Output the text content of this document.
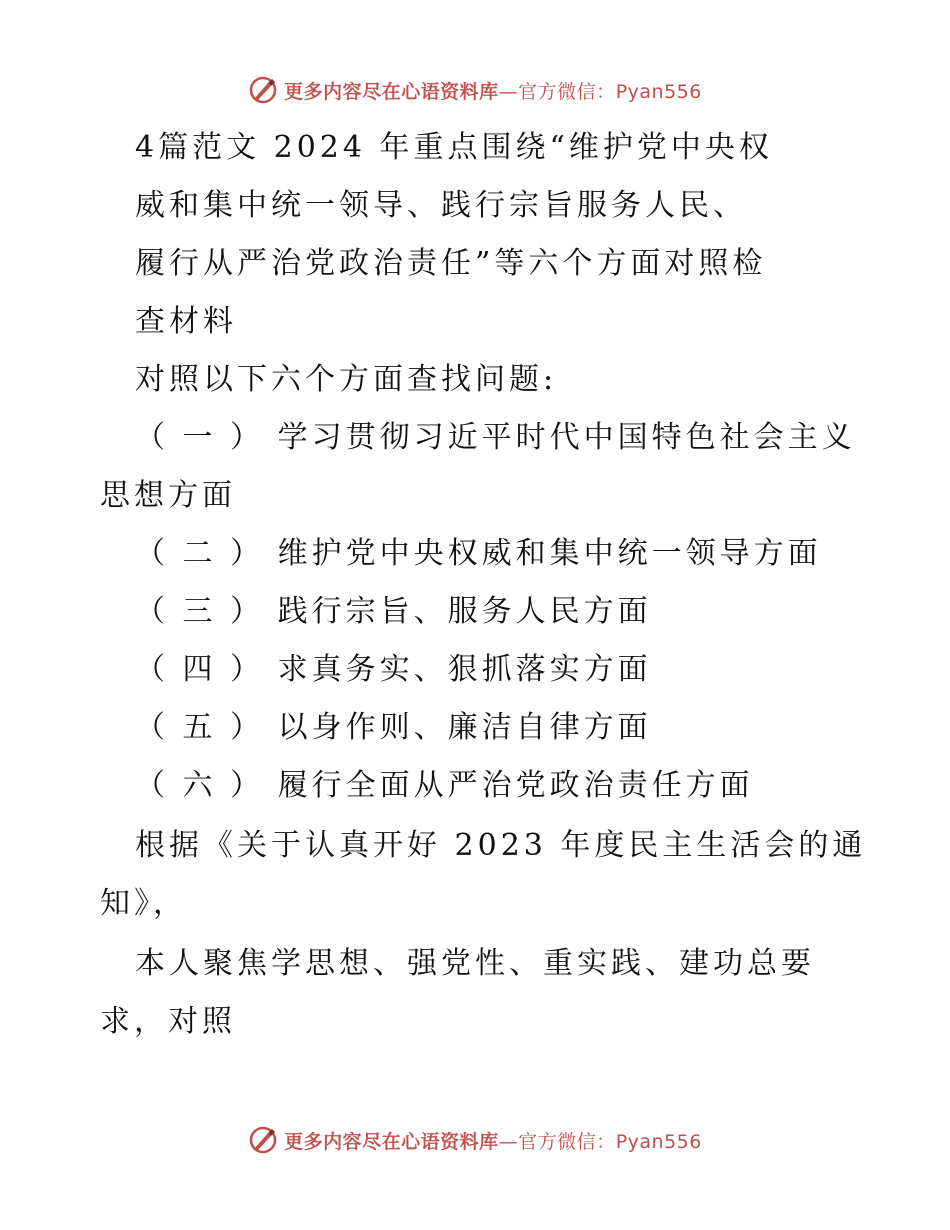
更多内容尽在心语资料库—官方微信：Pyan556
4篇范文 2024 年重点围绕“维护党中央权
威和集中统一领导、践行宗旨服务人民、
履行从严治党政治责任”等六个方面对照检
查材料
对照以下六个方面查找问题:
（ 一 ） 学习贯彻习近平时代中国特色社会主义
思想方面
（ 二 ） 维护党中央权威和集中统一领导方面
（ 三 ） 践行宗旨、服务人民方面
（ 四 ） 求真务实、狠抓落实方面
（ 五 ） 以身作则、廉洁自律方面
（ 六 ） 履行全面从严治党政治责任方面
根据《关于认真开好 2023 年度民主生活会的通
知》，
本人聚焦学思想、强党性、重实践、建功总要
求，对照
更多内容尽在心语资料库—官方微信：Pyan556
